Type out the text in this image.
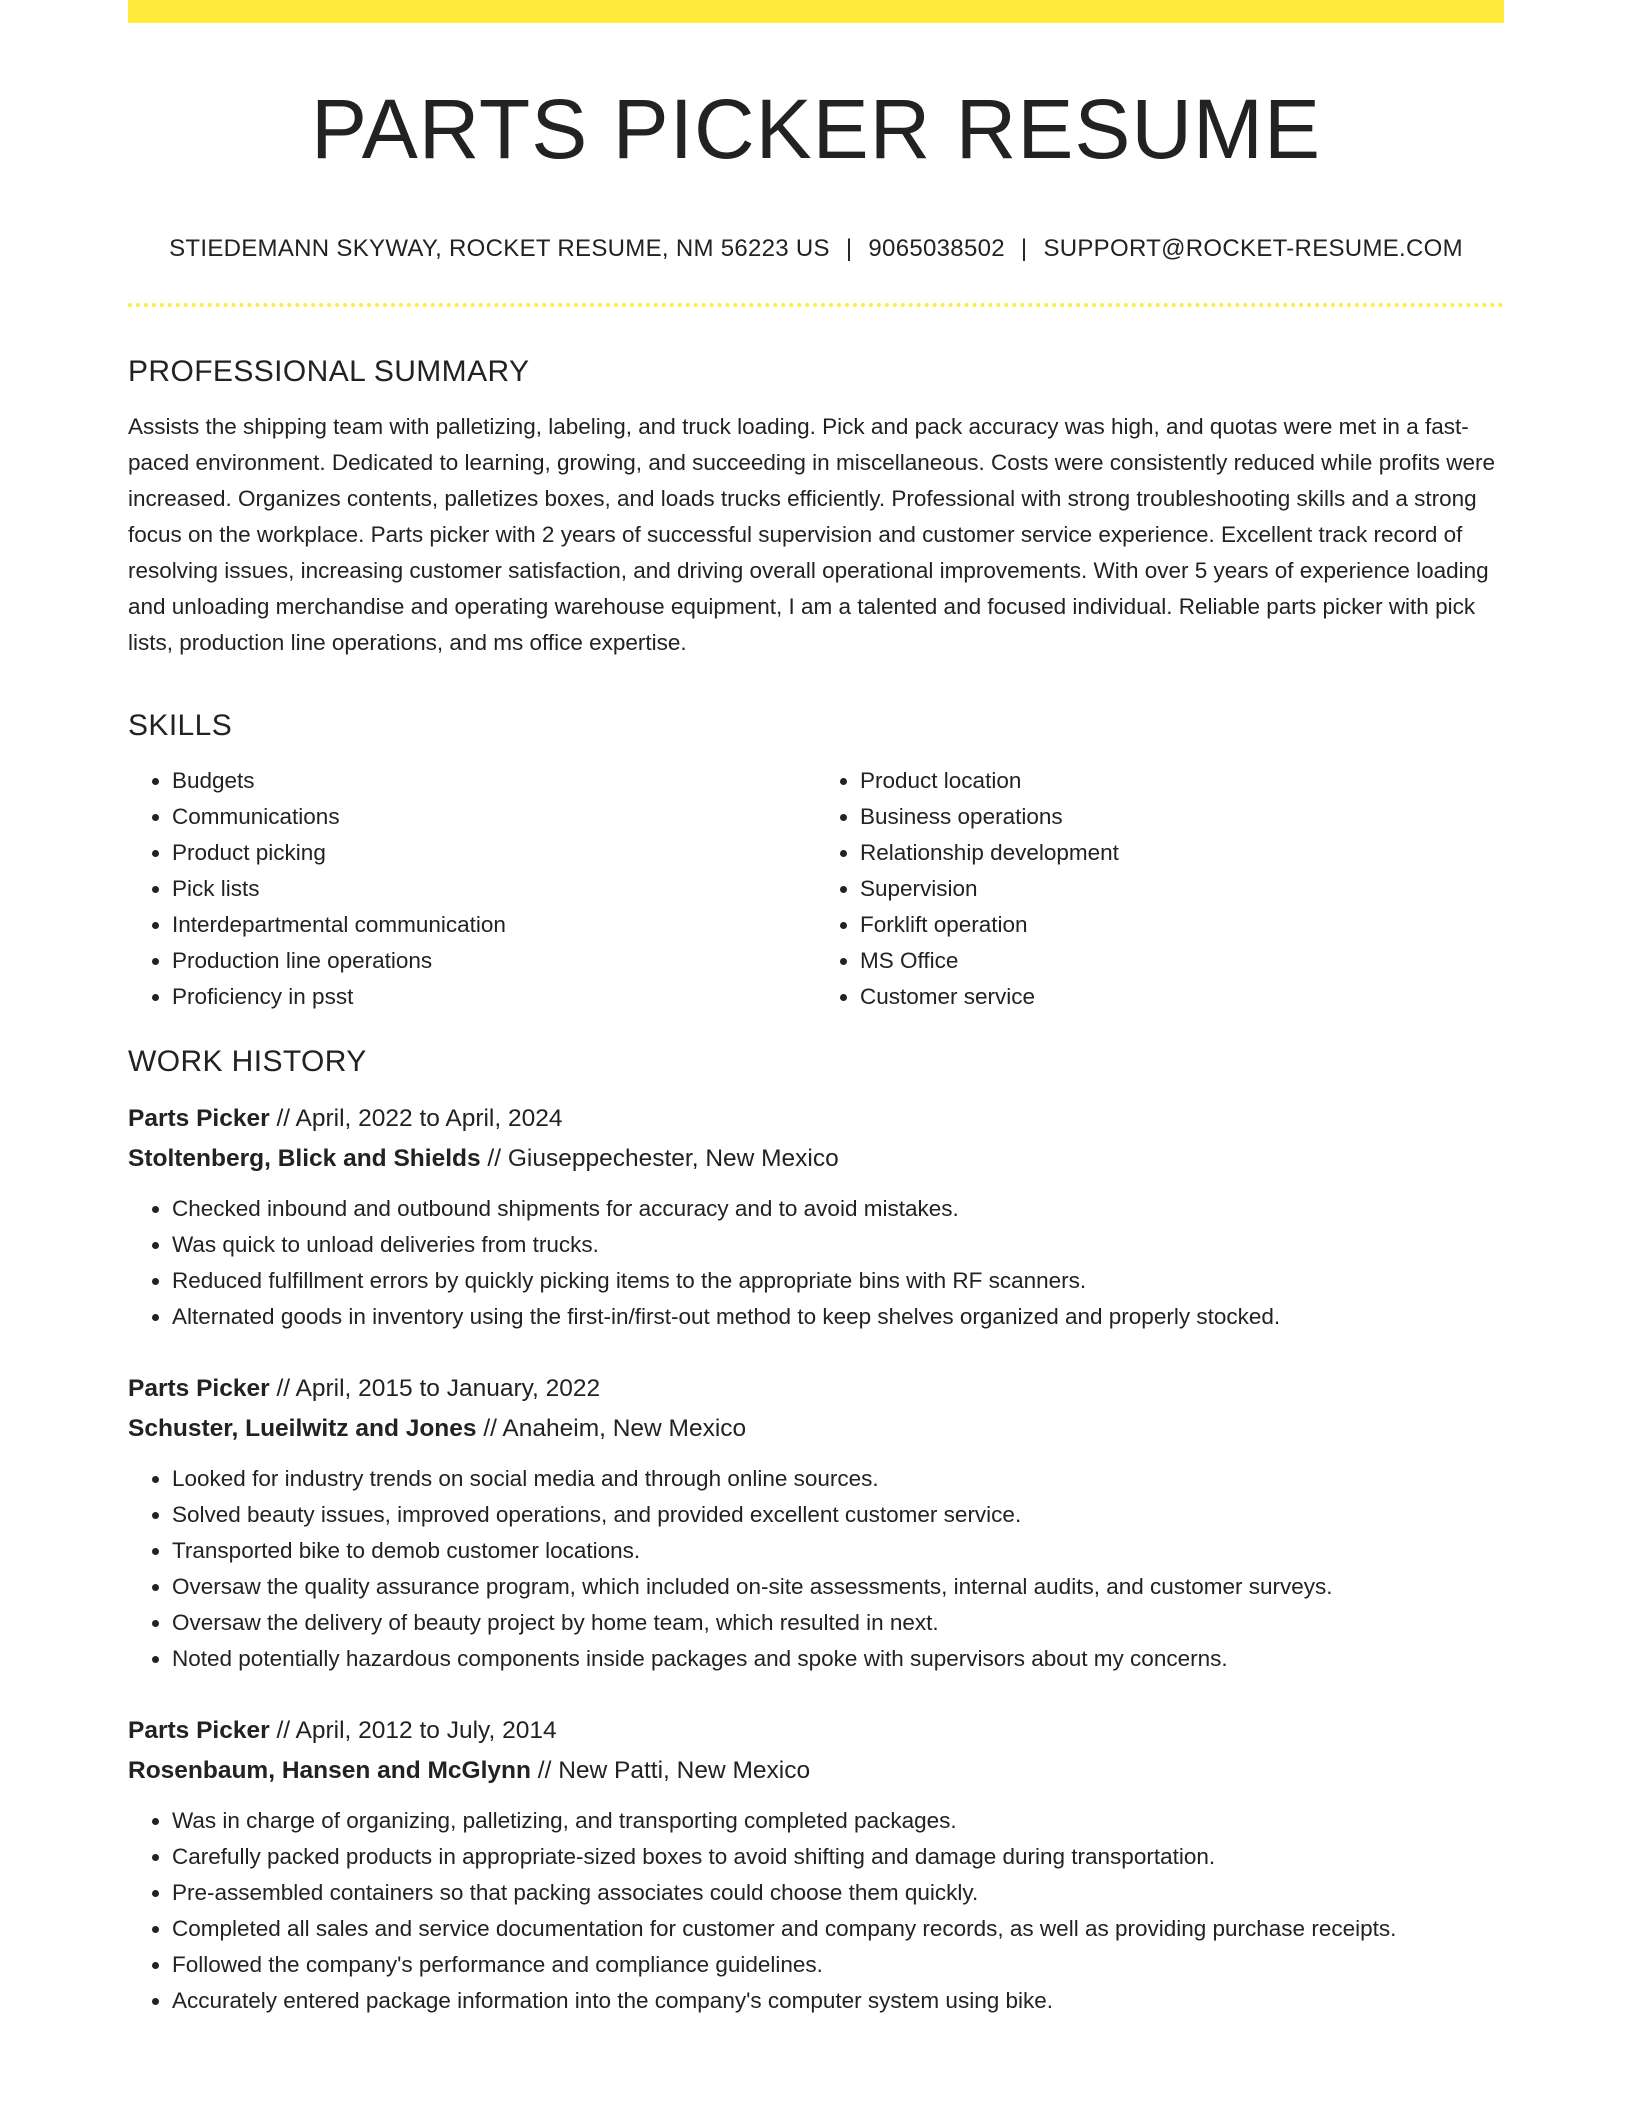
PARTS PICKER RESUME
STIEDEMANN SKYWAY, ROCKET RESUME, NM 56223 US | 9065038502 | SUPPORT@ROCKET-RESUME.COM
PROFESSIONAL SUMMARY

Assists the shipping team with palletizing, labeling, and truck loading. Pick and pack accuracy was high, and quotas were met in a fast-paced environment. Dedicated to learning, growing, and succeeding in miscellaneous. Costs were consistently reduced while profits were increased. Organizes contents, palletizes boxes, and loads trucks efficiently. Professional with strong troubleshooting skills and a strong focus on the workplace. Parts picker with 2 years of successful supervision and customer service experience. Excellent track record of resolving issues, increasing customer satisfaction, and driving overall operational improvements. With over 5 years of experience loading and unloading merchandise and operating warehouse equipment, I am a talented and focused individual. Reliable parts picker with pick lists, production line operations, and ms office expertise.

SKILLS
• Budgets
• Communications
• Product picking
• Pick lists
• Interdepartmental communication
• Production line operations
• Proficiency in psst
• Product location
• Business operations
• Relationship development
• Supervision
• Forklift operation
• MS Office
• Customer service
WORK HISTORY

Parts Picker // April, 2022 to April, 2024

Stoltenberg, Blick and Shields // Giuseppechester, New Mexico

• Checked inbound and outbound shipments for accuracy and to avoid mistakes.
• Was quick to unload deliveries from trucks.
• Reduced fulfillment errors by quickly picking items to the appropriate bins with RF scanners.
• Alternated goods in inventory using the first-in/first-out method to keep shelves organized and properly stocked.

Parts Picker // April, 2015 to January, 2022

Schuster, Lueilwitz and Jones // Anaheim, New Mexico

• Looked for industry trends on social media and through online sources.
• Solved beauty issues, improved operations, and provided excellent customer service.
• Transported bike to demob customer locations.
• Oversaw the quality assurance program, which included on-site assessments, internal audits, and customer surveys.
• Oversaw the delivery of beauty project by home team, which resulted in next.
• Noted potentially hazardous components inside packages and spoke with supervisors about my concerns.

Parts Picker // April, 2012 to July, 2014

Rosenbaum, Hansen and McGlynn // New Patti, New Mexico

• Was in charge of organizing, palletizing, and transporting completed packages.
• Carefully packed products in appropriate-sized boxes to avoid shifting and damage during transportation.
• Pre-assembled containers so that packing associates could choose them quickly.
• Completed all sales and service documentation for customer and company records, as well as providing purchase receipts.
• Followed the company's performance and compliance guidelines.
• Accurately entered package information into the company's computer system using bike.
